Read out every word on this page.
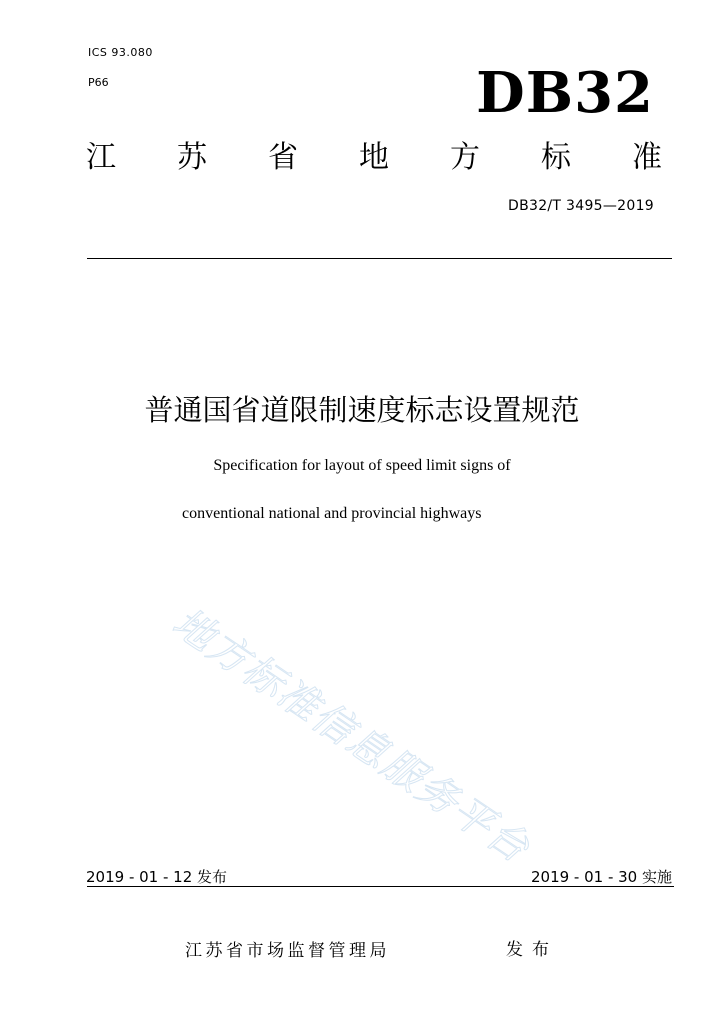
ICS 93.080
P66	DB32
江 苏 省 地 方 标 准
DB32/T 3495—2019
普通国省道限制速度标志设置规范
Specification for layout of speed limit signs of
conventional national and provincial highways
地方标准信息服务平台
2019 - 01 - 12 发布	2019 - 01 - 30 实施
江苏省市场监督管理局	发布
